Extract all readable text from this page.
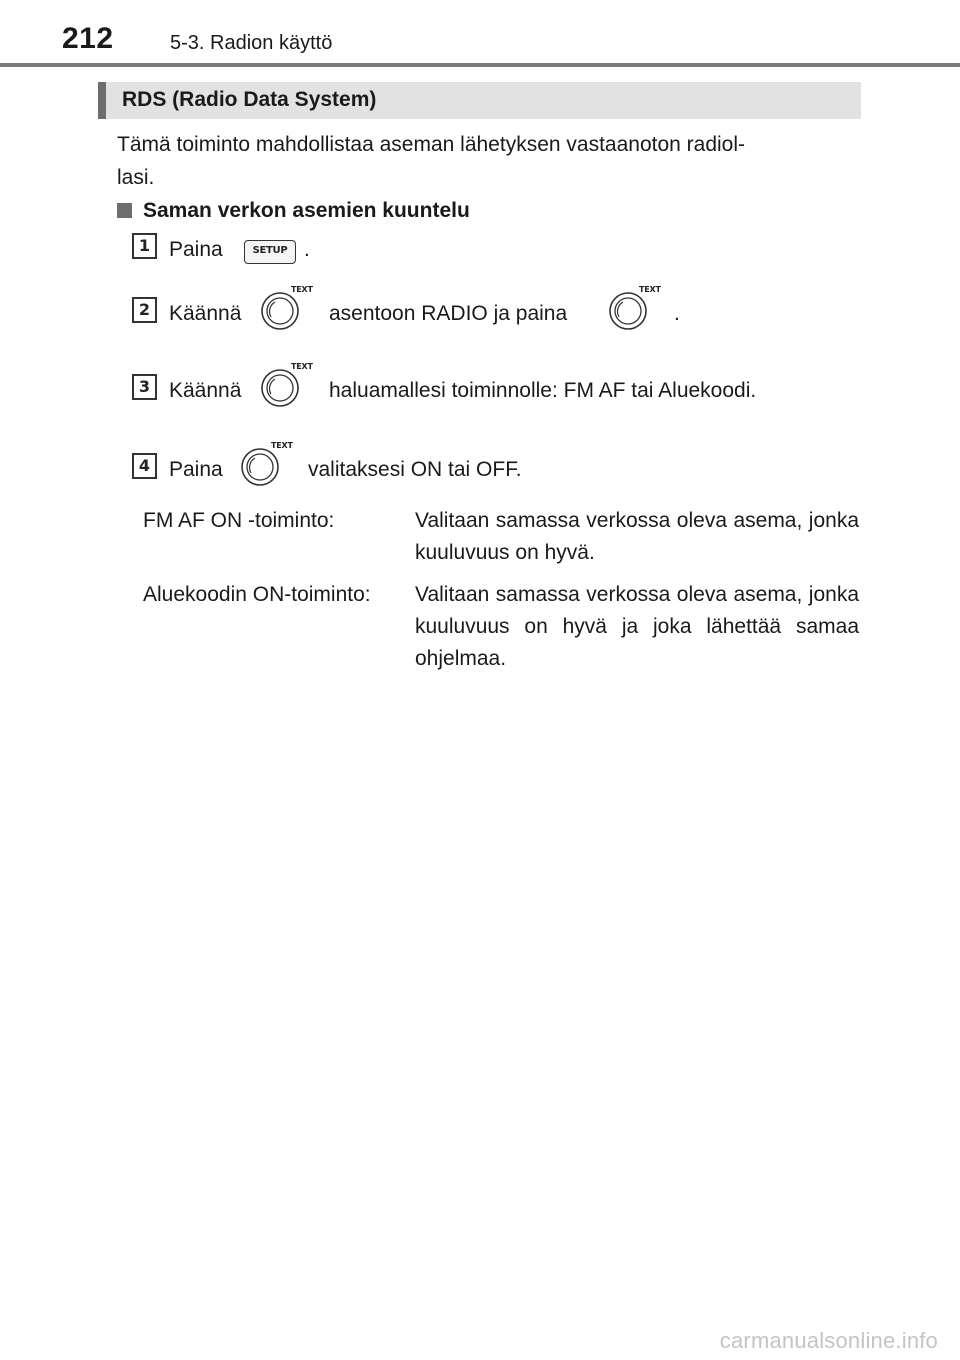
212	5-3. Radion käyttö
RDS (Radio Data System)
Tämä toiminto mahdollistaa aseman lähetyksen vastaanoton radiol-
lasi.
Saman verkon asemien kuuntelu
1 Paina	SETUP .
2 Käännä
TEXT
asentoon RADIO ja paina
TEXT
.
3 Käännä
TEXT
haluamallesi toiminnolle: FM AF tai Aluekoodi.
4 Paina
TEXT
valitaksesi ON tai OFF.
FM AF ON -toiminto:	Valitaan samassa verkossa oleva asema, jonka kuuluvuus on hyvä.
Aluekoodin ON-toiminto:	Valitaan samassa verkossa oleva asema, jonka kuuluvuus on hyvä ja joka lähettää samaa ohjelmaa.
carmanualsonline.info
